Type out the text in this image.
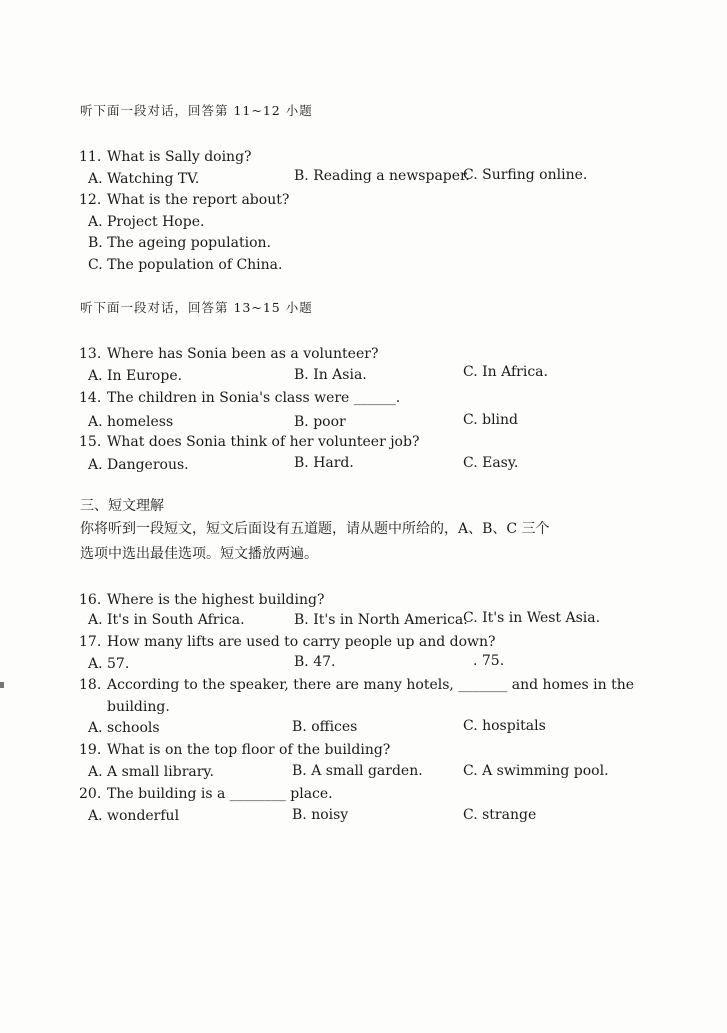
听下面一段对话，回答第 11~12 小题
11. What is Sally doing?
A. Watching TV.	B. Reading a newspaper.
C. Surfing online.
12. What is the report about?
A. Project Hope.
B. The ageing population.
C. The population of China.
听下面一段对话，回答第 13~15 小题
13. Where has Sonia been as a volunteer?
A. In Europe.	B. In Asia.	C. In Africa.
14. The children in Sonia's class were ______.
A. homeless	B. poor	C. blind
15. What does Sonia think of her volunteer job?
A. Dangerous.	B. Hard.	C. Easy.
三、短文理解
你将听到一段短文，短文后面设有五道题，请从题中所给的，A、B、C 三个
选项中选出最佳选项。短文播放两遍。
16. Where is the highest building?
A. It's in South Africa.	B. It's in North America.
C. It's in West Asia.
17. How many lifts are used to carry people up and down?
A. 57.	B. 47.	. 75.
18. According to the speaker, there are many hotels, _______ and homes in the
building.
A. schools	B. offices	C. hospitals
19. What is on the top floor of the building?
A. A small library.	B. A small garden.	C. A swimming pool.
20. The building is a ________ place.
A. wonderful	B. noisy	C. strange
